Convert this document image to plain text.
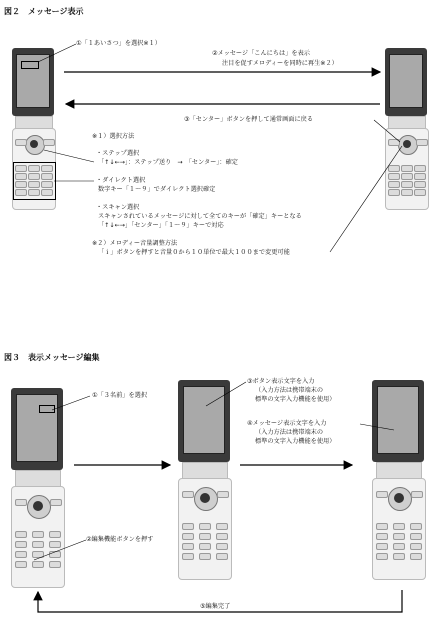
図２　メッセージ表示
①「１あいさつ」を選択※１）
②メッセージ「こんにちは」を表示
注目を促すメロディーを同時に再生※２）
③「センター」ボタンを押して通常画面に戻る
※１）選択方法
・ステップ選択
「↑↓←→」：ステップ送り　→　「センター」：確定
・ダイレクト選択
数字キー「１～９」でダイレクト選択確定
・スキャン選択
スキャンされているメッセージに対して全てのキーが「確定」キーとなる
「↑↓←→」「センター」「１～９」キーで対応
※２）メロディー音量調整方法
「ｉ」ボタンを押すと音量０から１０単位で最大１００まで変更可能
図３　表示メッセージ編集
①「３名前」を選択
②編集機能ボタンを押す
③ボタン表示文字を入力
（入力方法は携帯端末の
標準の文字入力機能を使用）
④メッセージ表示文字を入力
（入力方法は携帯端末の
標準の文字入力機能を使用）
⑤編集完了
